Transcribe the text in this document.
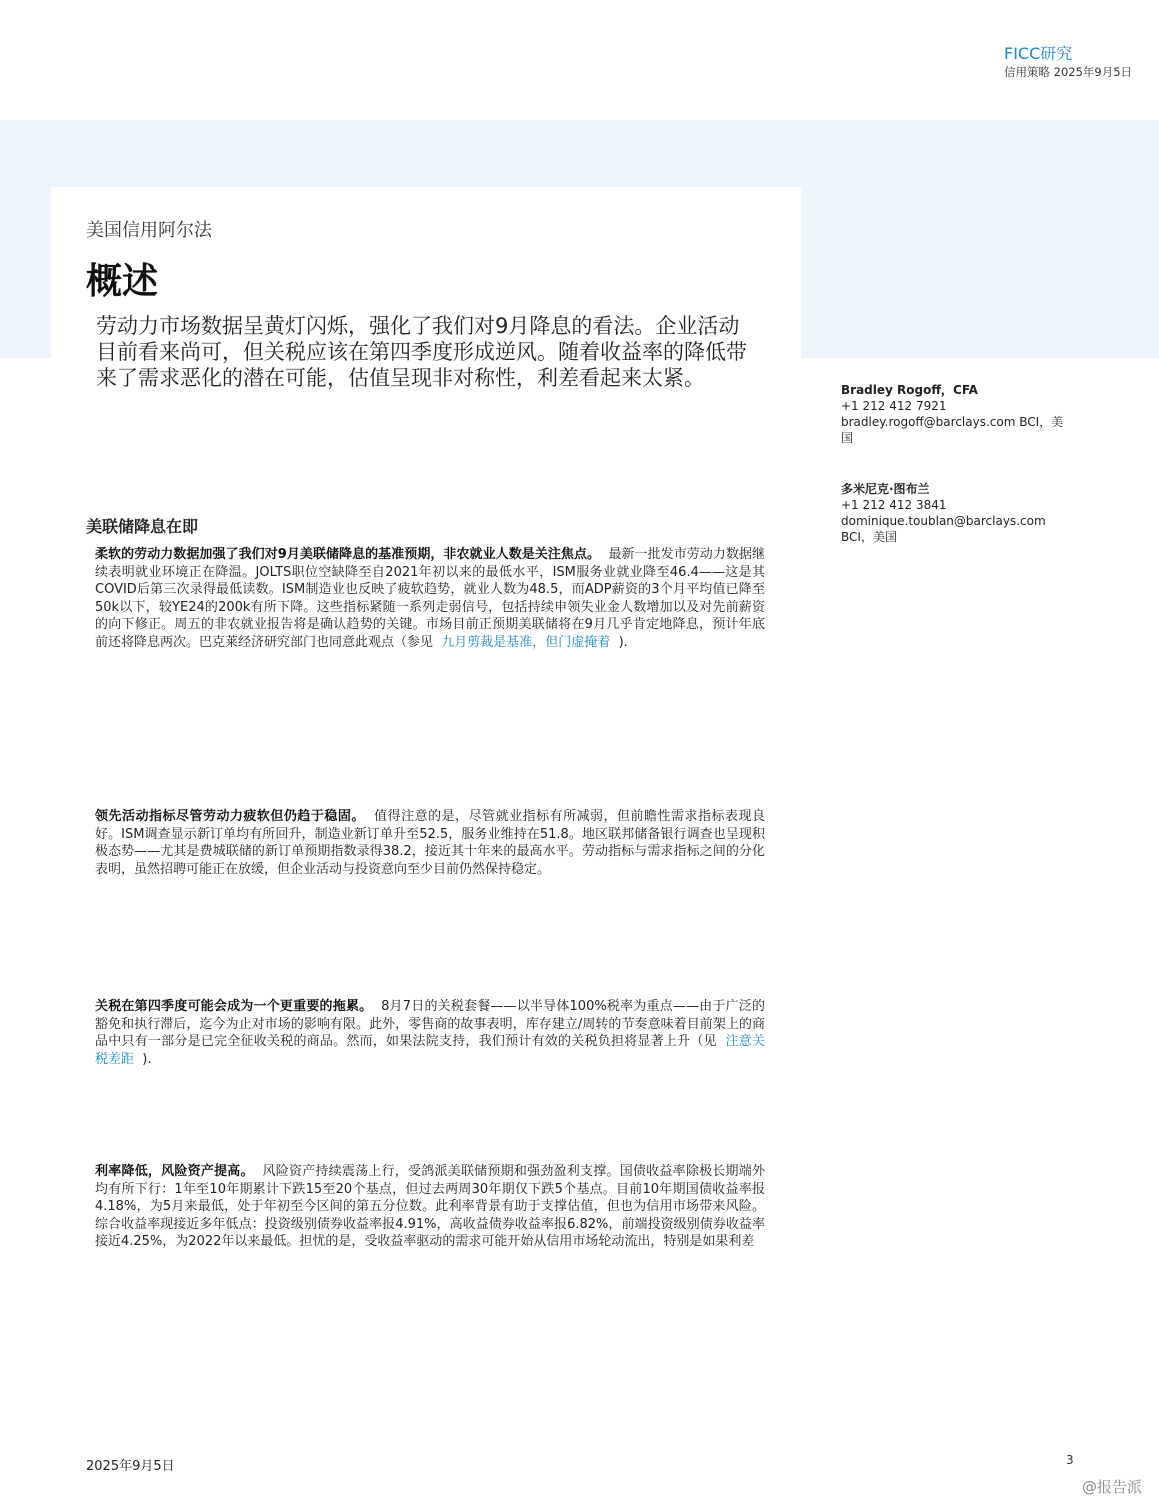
FICC研究
信用策略 2025年9月5日
美国信用阿尔法
概述
劳动力市场数据呈黄灯闪烁，强化了我们对9月降息的看法。企业活动目前看来尚可，但关税应该在第四季度形成逆风。随着收益率的降低带来了需求恶化的潜在可能，估值呈现非对称性，利差看起来太紧。	Bradley Rogoff，CFA
+1 212 412 7921 bradley.rogoff@barclays.com BCI，美国
多米尼克·图布兰
+1 212 412 3841 dominique.toublan@barclays.com BCI，美国
美联储降息在即
柔软的劳动力数据加强了我们对9月美联储降息的基准预期，非农就业人数是关注焦点。 最新一批发市劳动力数据继续表明就业环境正在降温。JOLTS职位空缺降至自2021年初以来的最低水平，ISM服务业就业降至46.4——这是其COVID后第三次录得最低读数。ISM制造业也反映了疲软趋势，就业人数为48.5，而ADP薪资的3个月平均值已降至50k以下，较YE24的200k有所下降。这些指标紧随一系列走弱信号，包括持续申领失业金人数增加以及对先前薪资的向下修正。周五的非农就业报告将是确认趋势的关键。市场目前正预期美联储将在9月几乎肯定地降息，预计年底前还将降息两次。巴克莱经济研究部门也同意此观点（参见 九月剪裁是基准，但门虚掩着 ).
领先活动指标尽管劳动力疲软但仍趋于稳固。 值得注意的是，尽管就业指标有所减弱，但前瞻性需求指标表现良好。ISM调查显示新订单均有所回升，制造业新订单升至52.5，服务业维持在51.8。地区联邦储备银行调查也呈现积极态势——尤其是费城联储的新订单预期指数录得38.2，接近其十年来的最高水平。劳动指标与需求指标之间的分化表明，虽然招聘可能正在放缓，但企业活动与投资意向至少目前仍然保持稳定。
关税在第四季度可能会成为一个更重要的拖累。 8月7日的关税套餐——以半导体100%税率为重点——由于广泛的豁免和执行滞后，迄今为止对市场的影响有限。此外，零售商的故事表明，库存建立/周转的节奏意味着目前架上的商品中只有一部分是已完全征收关税的商品。然而，如果法院支持，我们预计有效的关税负担将显著上升（见 注意关税差距 ).
利率降低，风险资产提高。 风险资产持续震荡上行，受鸽派美联储预期和强劲盈利支撑。国债收益率除极长期端外均有所下行：1年至10年期累计下跌15至20个基点，但过去两周30年期仅下跌5个基点。目前10年期国债收益率报4.18%，为5月来最低，处于年初至今区间的第五分位数。此利率背景有助于支撑估值，但也为信用市场带来风险。综合收益率现接近多年低点：投资级别债券收益率报4.91%，高收益债券收益率报6.82%，前端投资级别债券收益率接近4.25%，为2022年以来最低。担忧的是，受收益率驱动的需求可能开始从信用市场轮动流出，特别是如果利差
2025年9月5日	3
@报告派
